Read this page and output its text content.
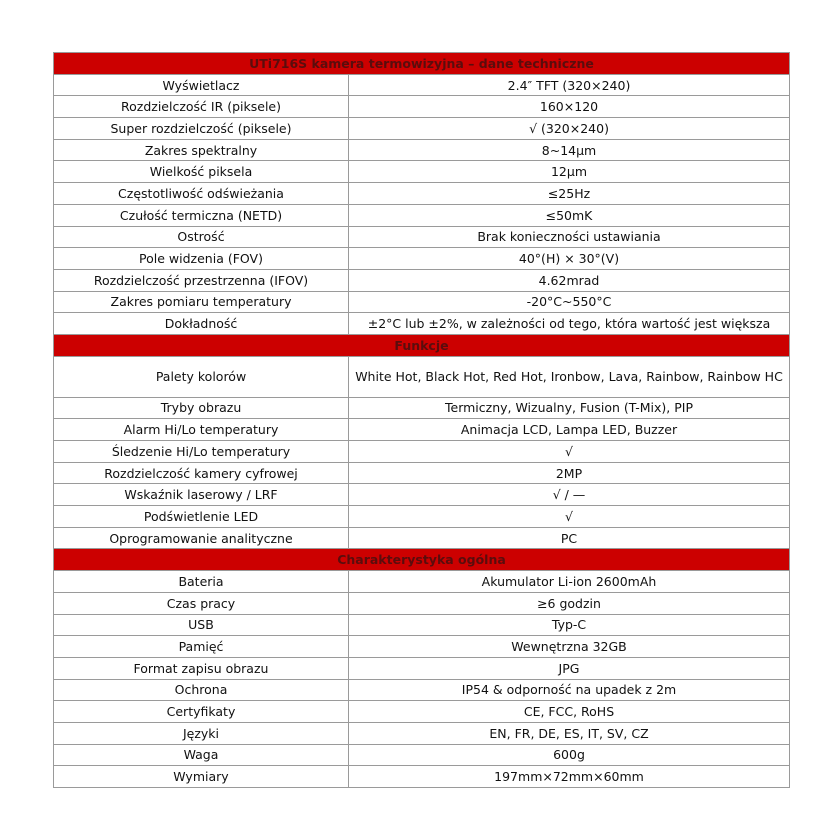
UTi716S kamera termowizyjna – dane techniczne	
Wyświetlacz	2.4″ TFT (320×240)
Rozdzielczość IR (piksele)	160×120
Super rozdzielczość (piksele)	√ (320×240)
Zakres spektralny	8~14μm
Wielkość piksela	12μm
Częstotliwość odświeżania	≤25Hz
Czułość termiczna (NETD)	≤50mK
Ostrość	Brak konieczności ustawiania
Pole widzenia (FOV)	40°(H) × 30°(V)
Rozdzielczość przestrzenna (IFOV)	4.62mrad
Zakres pomiaru temperatury	-20°C~550°C
Dokładność	±2°C lub ±2%, w zależności od tego, która wartość jest większa
Funkcje	
Palety kolorów	White Hot, Black Hot, Red Hot, Ironbow, Lava, Rainbow, Rainbow HC
Tryby obrazu	Termiczny, Wizualny, Fusion (T-Mix), PIP
Alarm Hi/Lo temperatury	Animacja LCD, Lampa LED, Buzzer
Śledzenie Hi/Lo temperatury	√
Rozdzielczość kamery cyfrowej	2MP
Wskaźnik laserowy / LRF	√ / —
Podświetlenie LED	√
Oprogramowanie analityczne	PC
Charakterystyka ogólna	
Bateria	Akumulator Li-ion 2600mAh
Czas pracy	≥6 godzin
USB	Typ-C
Pamięć	Wewnętrzna 32GB
Format zapisu obrazu	JPG
Ochrona	IP54 & odporność na upadek z 2m
Certyfikaty	CE, FCC, RoHS
Języki	EN, FR, DE, ES, IT, SV, CZ
Waga	600g
Wymiary	197mm×72mm×60mm
